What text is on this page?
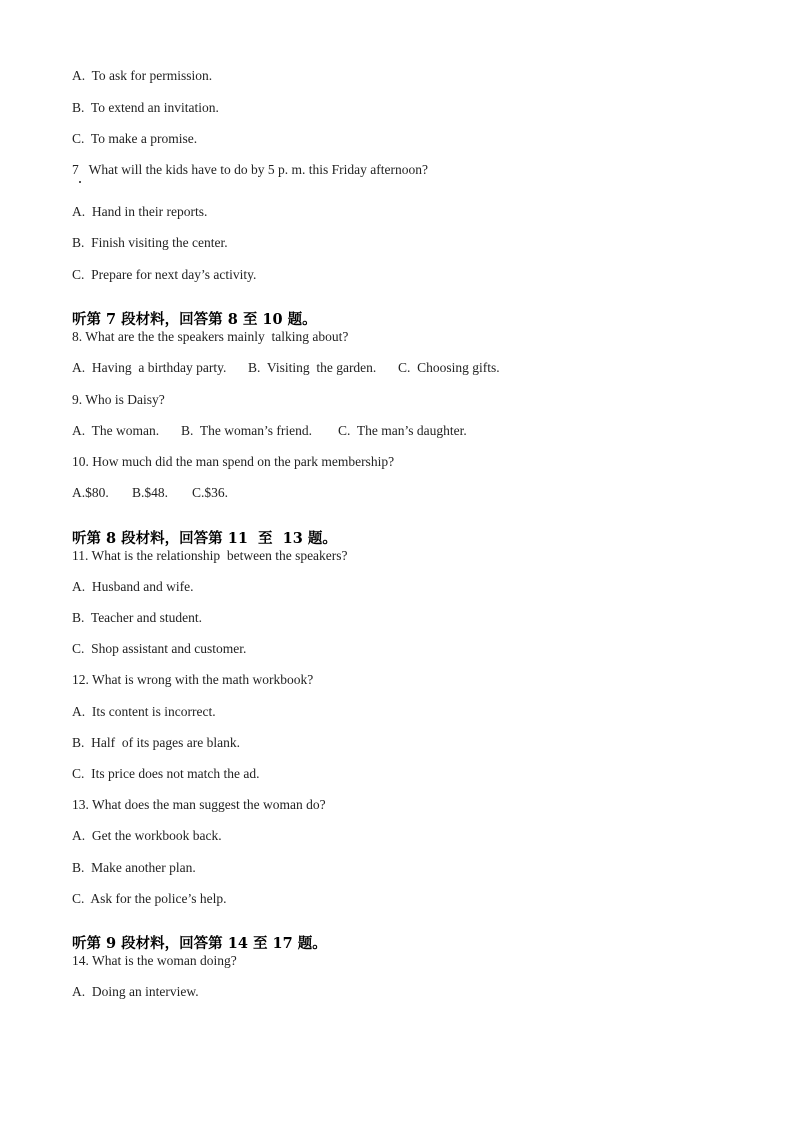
A.  To ask for permission.

B.  To extend an invitation.

C.  To make a promise.

7   What will the kids have to do by 5 p. m. this Friday afternoon?

A.  Hand in their reports.

B.  Finish visiting the center.

C.  Prepare for next day’s activity.

听第 7 段材料，回答第 8 至 10 题。

8. What are the the speakers mainly  talking about?

A.  Having  a birthday party. B.  Visiting  the garden. C.  Choosing gifts.

9. Who is Daisy?

A.  The woman. B.  The woman’s friend. C.  The man’s daughter.

10. How much did the man spend on the park membership?

A.$80. B.$48. C.$36.

听第 8 段材料，回答第 11  至  13 题。

11. What is the relationship  between the speakers?

A.  Husband and wife.

B.  Teacher and student.

C.  Shop assistant and customer.

12. What is wrong with the math workbook?

A.  Its content is incorrect.

B.  Half  of its pages are blank.

C.  Its price does not match the ad.

13. What does the man suggest the woman do?

A.  Get the workbook back.

B.  Make another plan.

C.  Ask for the police’s help.

听第 9 段材料，回答第 14 至 17 题。

14. What is the woman doing?

A.  Doing an interview.
